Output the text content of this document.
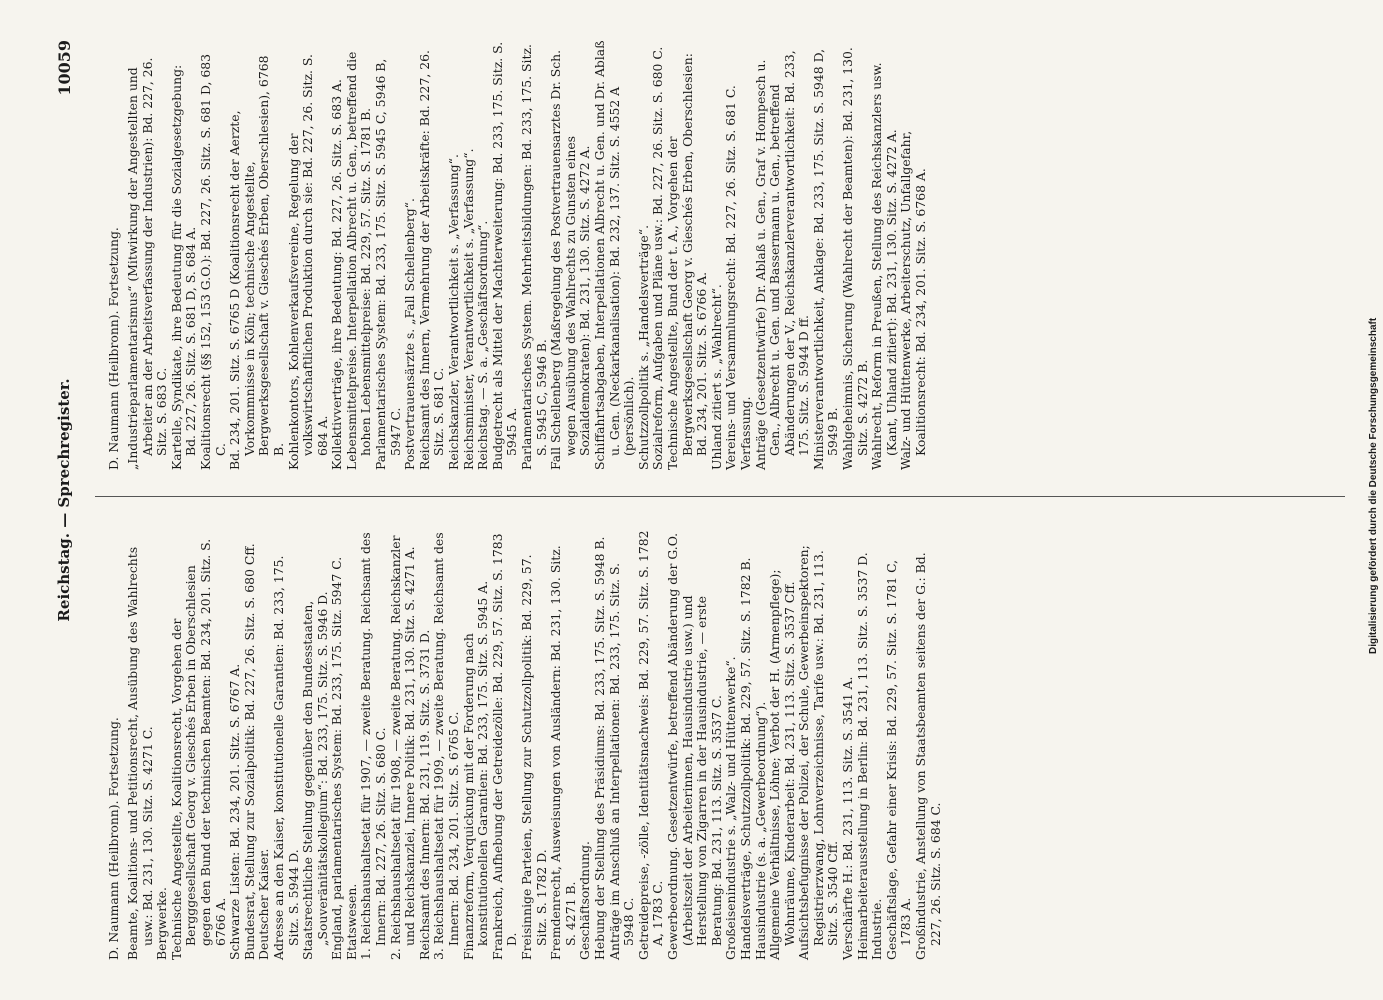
Reichstag. — Sprechregister.
10059

D. Naumann (Heilbronn). Fortsetzung. Beamte, Koalitions- und Petitionsrecht, Ausübung des Wahlrechts usw.: Bd. 231, 130. Sitz. S. 4271 C. Bergwerke. Technische Angestellte, Koalitionsrecht, Vorgehen der Bergggesellschaft Georg v. Gieschés Erben in Oberschlesien gegen den Bund der technischen Beamten: Bd. 234, 201. Sitz. S. 6766 A. Schwarze Listen: Bd. 234, 201. Sitz. S. 6767 A. Bundesrat, Stellung zur Sozialpolitik: Bd. 227, 26. Sitz. S. 680 Cff. Deutscher Kaiser. Adresse an den Kaiser, konstitutionelle Garantien: Bd. 233, 175. Sitz. S. 5944 D. Staatsrechtliche Stellung gegenüber den Bundesstaaten, „Souveränitätskollegium“: Bd. 233, 175. Sitz. S. 5946 D. England, parlamentarisches System: Bd. 233, 175. Sitz. 5947 C. Etatswesen. 1. Reichshaushaltsetat für 1907, — zweite Beratung. Reichsamt des Innern: Bd. 227, 26. Sitz. S. 680 C. 2. Reichshaushaltsetat für 1908, — zweite Beratung. Reichskanzler und Reichskanzlei, Innere Politik: Bd. 231, 130. Sitz. S. 4271 A. Reichsamt des Innern: Bd. 231, 119. Sitz. S. 3731 D. 3. Reichshaushaltsetat für 1909, — zweite Beratung. Reichsamt des Innern: Bd. 234, 201. Sitz. S. 6765 C. Finanzreform, Verquickung mit der Forderung nach konstitutionellen Garantien: Bd. 233, 175. Sitz. S. 5945 A. Frankreich, Aufhebung der Getreidezölle: Bd. 229, 57. Sitz. S. 1783 D. Freisinnige Parteien, Stellung zur Schutzzollpolitik: Bd. 229, 57. Sitz. S. 1782 D. Fremdenrecht, Ausweisungen von Ausländern: Bd. 231, 130. Sitz. S. 4271 B. Geschäftsordnung. Hebung der Stellung des Präsidiums: Bd. 233, 175. Sitz. S. 5948 B. Anträge im Anschluß an Interpellationen: Bd. 233, 175. Sitz. S. 5948 C. Getreidepreise, -zölle, Identitätsnachweis: Bd. 229, 57. Sitz. S. 1782 A, 1783 C. Gewerbeordnung. Gesetzentwürfe, betreffend Abänderung der G.O. (Arbeitszeit der Arbeiterinnen, Hausindustrie usw.) und Herstellung von Zigarren in der Hausindustrie, — erste Beratung: Bd. 231, 113. Sitz. S. 3537 C. Großeisenindustrie s. „Walz- und Hüttenwerke“. Handelsverträge, Schutzzollpolitik: Bd. 229, 57. Sitz. S. 1782 B. Hausindustrie (s. a. „Gewerbeordnung“). Allgemeine Verhältnisse, Löhne; Verbot der H. (Armenpflege); Wohnräume, Kinderarbeit: Bd. 231, 113. Sitz. S. 3537 Cff. Aufsichtsbefugnisse der Polizei, der Schule, Gewerbeinspektoren; Registrierzwang, Lohnverzeichnisse, Tarife usw.: Bd. 231, 113. Sitz. S. 3540 Cff. Verschärfte H.: Bd. 231, 113. Sitz. S. 3541 A. Heimarbeiterausstellung in Berlin: Bd. 231, 113. Sitz. S. 3537 D. Industrie. Geschäftslage, Gefahr einer Krisis: Bd. 229, 57. Sitz. S. 1781 C, 1783 A. Großindustrie, Anstellung von Staatsbeamten seitens der G.: Bd. 227, 26. Sitz. S. 684 C.

D. Naumann (Heilbronn). Fortsetzung. „Industrieparlamentarismus“ (Mitwirkung der Angestellten und Arbeiter an der Arbeitsverfassung der Industrien): Bd. 227, 26. Sitz. S. 683 C. Kartelle, Syndikate, ihre Bedeutung für die Sozialgesetzgebung: Bd. 227, 26. Sitz. S. 681 D, S. 684 A. Koalitionsrecht (§§ 152, 153 G.O.): Bd. 227, 26. Sitz. S. 681 D, 683 C. Bd. 234, 201. Sitz. S. 6765 D (Koalitionsrecht der Aerzte, Vorkommnisse in Köln; technische Angestellte, Bergwerksgesellschaft v. Gieschés Erben, Oberschlesien), 6768 B. Kohlenkontors, Kohlenverkaufsvereine, Regelung der volkswirtschaftlichen Produktion durch sie: Bd. 227, 26. Sitz. S. 684 A. Kollektivverträge, ihre Bedeutung: Bd. 227, 26. Sitz. S. 683 A. Lebensmittelpreise. Interpellation Albrecht u. Gen., betreffend die hohen Lebensmittelpreise: Bd. 229, 57. Sitz. S. 1781 B. Parlamentarisches System: Bd. 233, 175. Sitz. S. 5945 C, 5946 B, 5947 C. Postvertrauensärzte s. „Fall Schellenberg“. Reichsamt des Innern, Vermehrung der Arbeitskräfte: Bd. 227, 26. Sitz. S. 681 C. Reichskanzler, Verantwortlichkeit s. „Verfassung“. Reichsminister, Verantwortlichkeit s. „Verfassung“. Reichstag. — S. a. „Geschäftsordnung“. Budgetrecht als Mittel der Machterweiterung: Bd. 233, 175. Sitz. S. 5945 A. Parlamentarisches System. Mehrheitsbildungen: Bd. 233, 175. Sitz. S. 5945 C, 5946 B. Fall Schellenberg (Maßregelung des Postvertrauensarztes Dr. Sch. wegen Ausübung des Wahlrechts zu Gunsten eines Sozialdemokraten): Bd. 231, 130. Sitz. S. 4272 A. Schiffahrtsabgaben, Interpellationen Albrecht u. Gen. und Dr. Ablaß u. Gen. (Neckarkanalisation): Bd. 232, 137. Sitz. S. 4552 A (persönlich). Schutzzollpolitik s. „Handelsverträge“. Sozialreform, Aufgaben und Pläne usw.: Bd. 227, 26. Sitz. S. 680 C. Technische Angestellte, Bund der t. A., Vorgehen der Bergwerksgesellschaft Georg v. Gieschés Erben, Oberschlesien: Bd. 234, 201. Sitz. S. 6766 A. Uhland zitiert s. „Wahlrecht“. Vereins- und Versammlungsrecht: Bd. 227, 26. Sitz. S. 681 C. Verfassung. Anträge (Gesetzentwürfe) Dr. Ablaß u. Gen., Graf v. Hompesch u. Gen., Albrecht u. Gen. und Bassermann u. Gen., betreffend Abänderungen der V., Reichskanzlerverantwortlichkeit: Bd. 233, 175. Sitz. S. 5944 D ff. Ministerverantwortlichkeit, Anklage: Bd. 233, 175. Sitz. S. 5948 D, 5949 B. Wahlgeheimnis, Sicherung (Wahlrecht der Beamten): Bd. 231, 130. Sitz. S. 4272 B. Wahlrecht, Reform in Preußen, Stellung des Reichskanzlers usw. (Kant, Uhland zitiert): Bd. 231, 130. Sitz. S. 4272 A. Walz- und Hüttenwerke, Arbeiterschutz, Unfallgefahr, Koalitionsrecht: Bd. 234, 201. Sitz. S. 6768 A.

Digitalisierung gefördert durch die Deutsche Forschungsgemeinschaft
